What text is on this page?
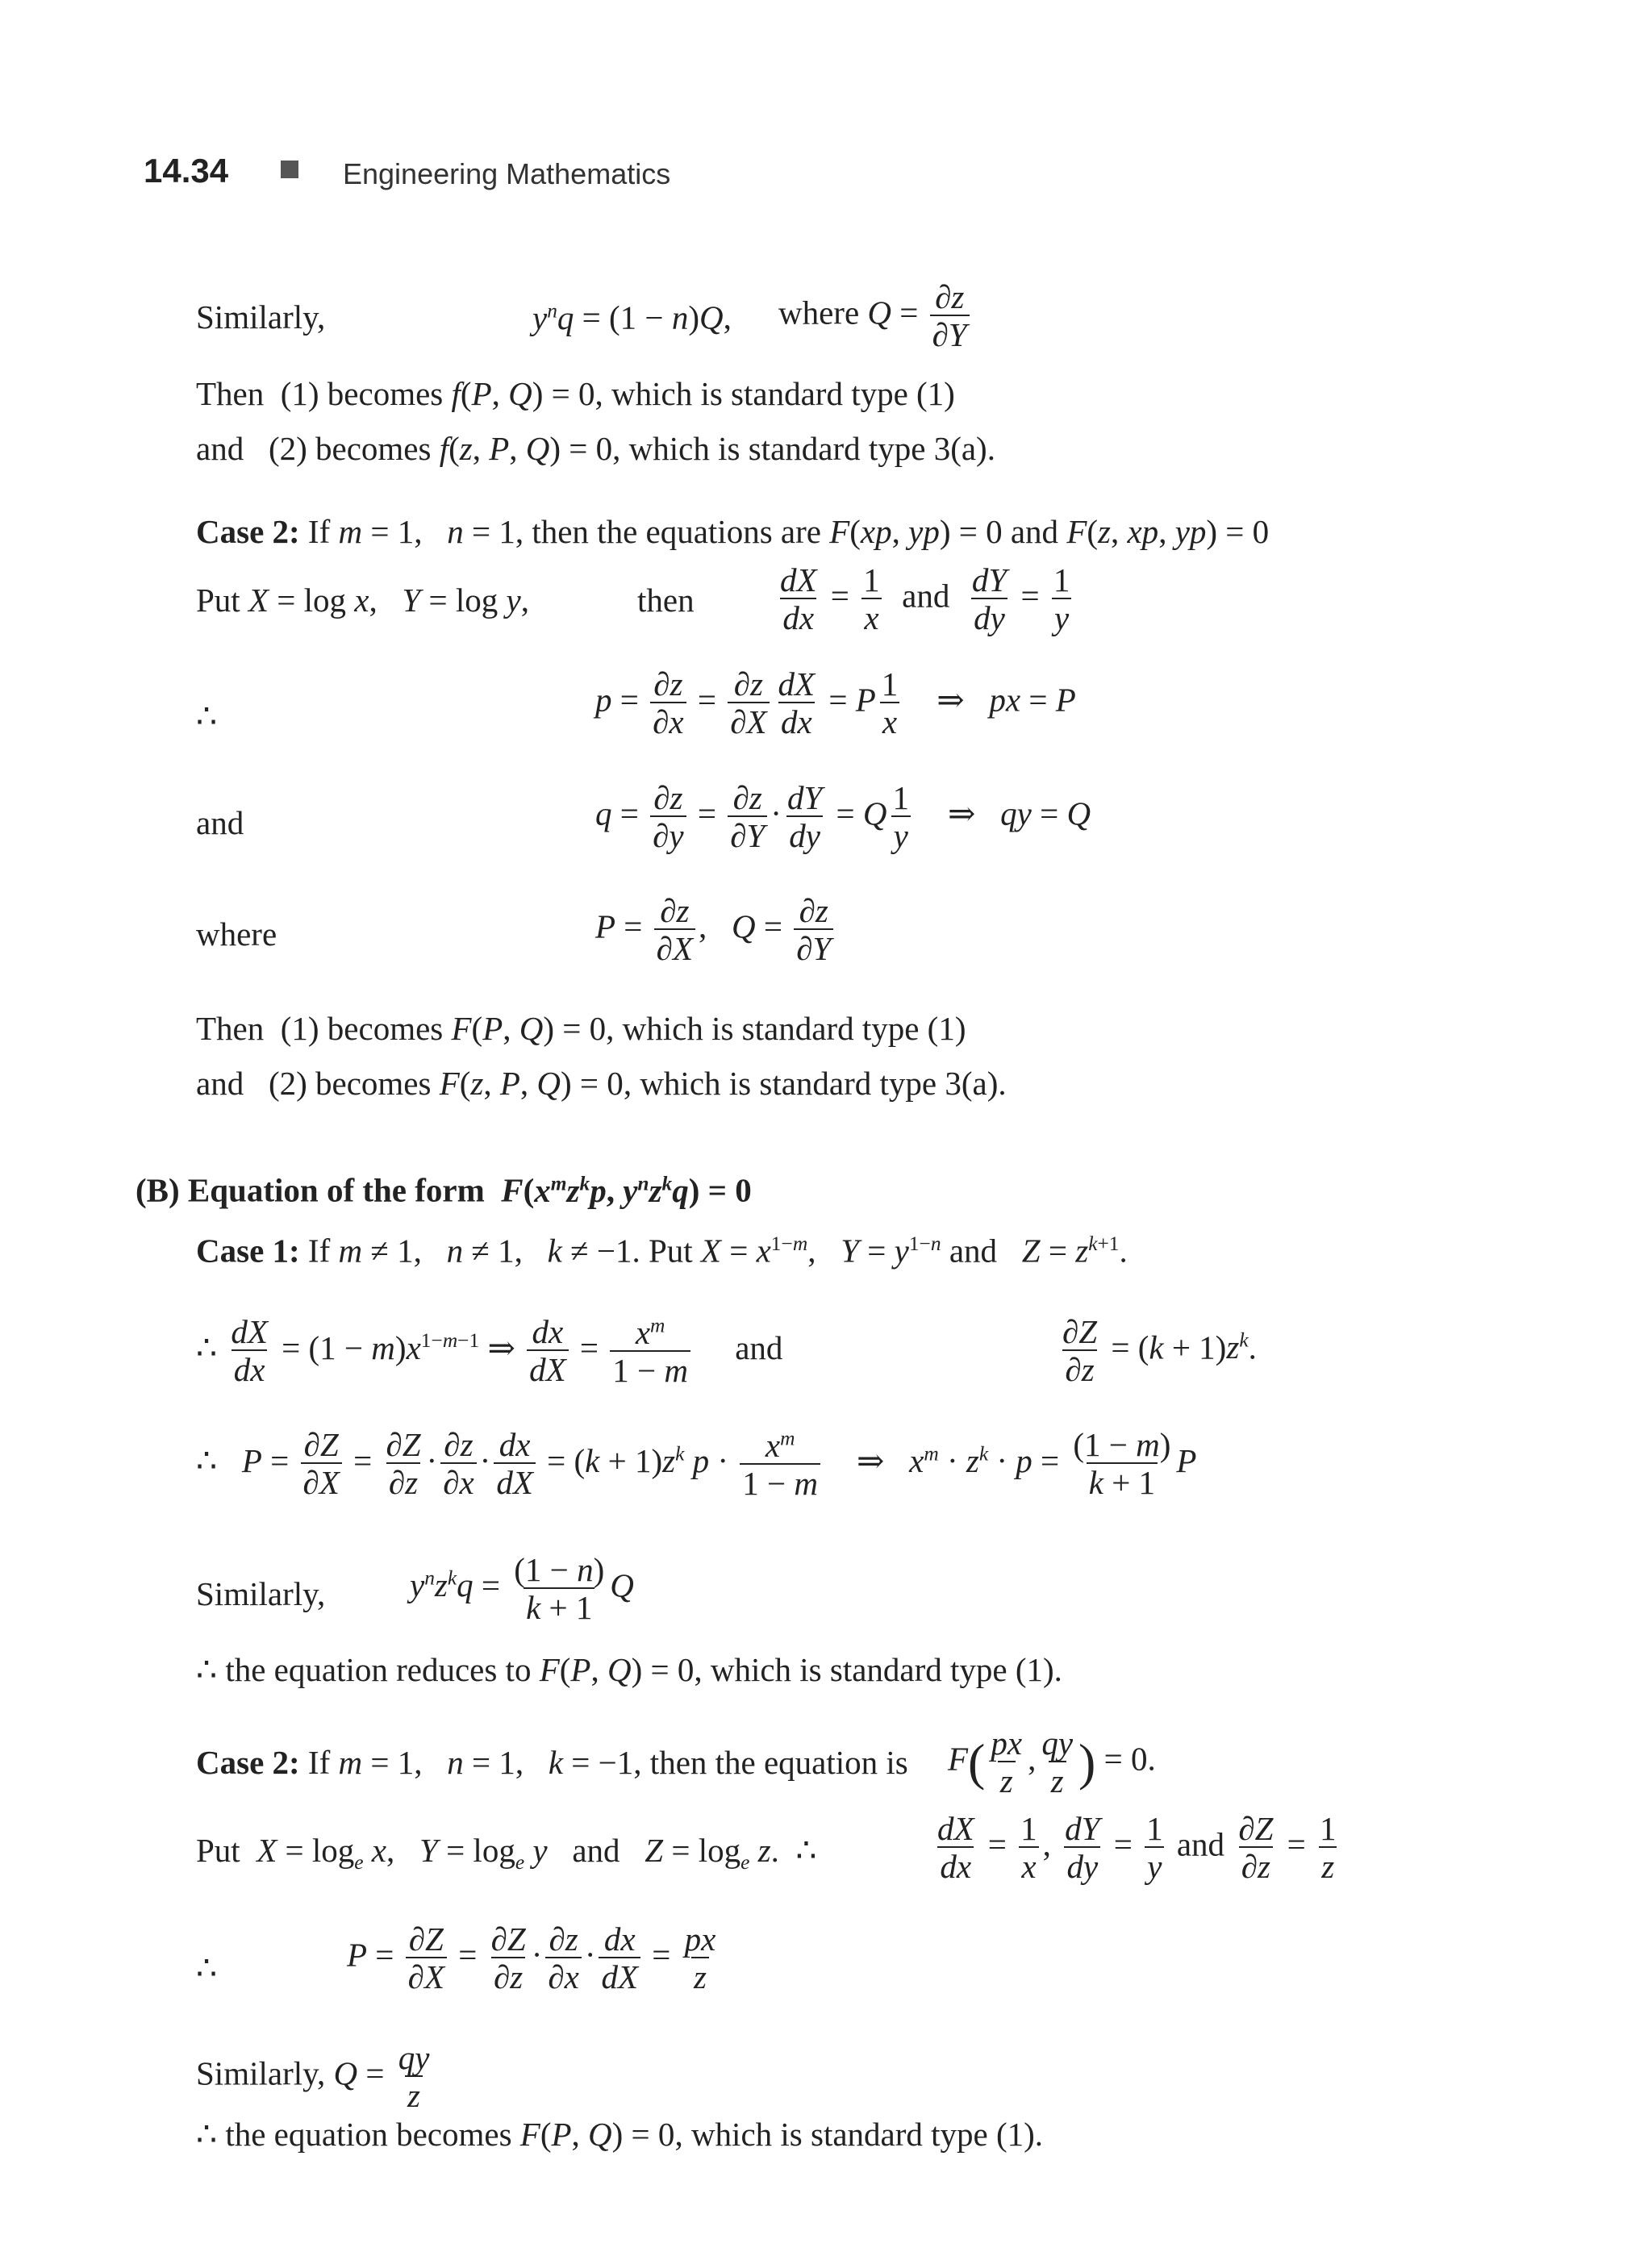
14.34	Engineering Mathematics
Similarly,	$y^nq = (1 - n)Q$, where $Q = \frac{\partial z}{\partial Y}$
Then (1) becomes f(P, Q) = 0, which is standard type (1)
and (2) becomes f(z, P, Q) = 0, which is standard type 3(a).
Case 2: If m = 1,   n = 1, then the equations are F(xp, yp) = 0 and F(z, xp, yp) = 0
Put X = log x,   Y = log y,	then	$\frac{dX}{dx} = \frac{1}{x}$ and $\frac{dY}{dy} = \frac{1}{y}$
∴	$p = \frac{\partial z}{\partial x} = \frac{\partial z}{\partial X} \frac{dX}{dx} = P \frac{1}{x}$ ⇒   px = P
and	$q = \frac{\partial z}{\partial y} = \frac{\partial z}{\partial Y} \cdot \frac{dY}{dy} = Q \frac{1}{y}$ ⇒   qy = Q
where	$P = \frac{\partial z}{\partial X}$ ,   $Q = \frac{\partial z}{\partial Y}$
Then (1) becomes F(P, Q) = 0, which is standard type (1)
and (2) becomes F(z, P, Q) = 0, which is standard type 3(a).
(B) Equation of the form $F(x^mz^kp$, $y^nz^kq) = 0$
Case 1: If m ≠ 1,   n ≠ 1,   k ≠ −1. Put $X = x^{1-m}$,   $Y = y^{1-n}$ and   $Z = z^{k+1}$.
∴ $\frac{dX}{dx} = (1 - m)x^{1-m-1}$ ⇒ $\frac{dx}{dX} = \frac{x^m}{1 - m}$ and	$\frac{\partial Z}{\partial z} = (k + 1)z^k$.
∴   $P = \frac{\partial Z}{\partial X} = \frac{\partial Z}{\partial z} \cdot \frac{\partial z}{\partial x} \cdot \frac{dx}{dX} = (k + 1)z^k$ $p \cdot \frac{x^m}{1 - m}$ ⇒   $x^m \cdot z^k \cdot p = \frac{(1 - m)}{k + 1}$ P
Similarly,	$y^nz^kq = \frac{(1 - n)}{k + 1}$ Q
∴ the equation reduces to F(P, Q) = 0, which is standard type (1).
Case 2: If m = 1,   n = 1,   k = −1, then the equation is $F( \frac{px}{z}$ , $\frac{qy}{z}$ ) = 0.
Put $X = \log_e x$,   $Y = \log_e y$   and   $Z = \log_e z$.  ∴	$\frac{dX}{dx} = \frac{1}{x}$ , $\frac{dY}{dy} = \frac{1}{y}$ and $\frac{\partial Z}{\partial z} = \frac{1}{z}$
∴	$P = \frac{\partial Z}{\partial X} = \frac{\partial Z}{\partial z} \cdot \frac{\partial z}{\partial x} \cdot \frac{dx}{dX} = \frac{px}{z}$
Similarly, $Q = \frac{qy}{z}$
∴ the equation becomes F(P, Q) = 0, which is standard type (1).
